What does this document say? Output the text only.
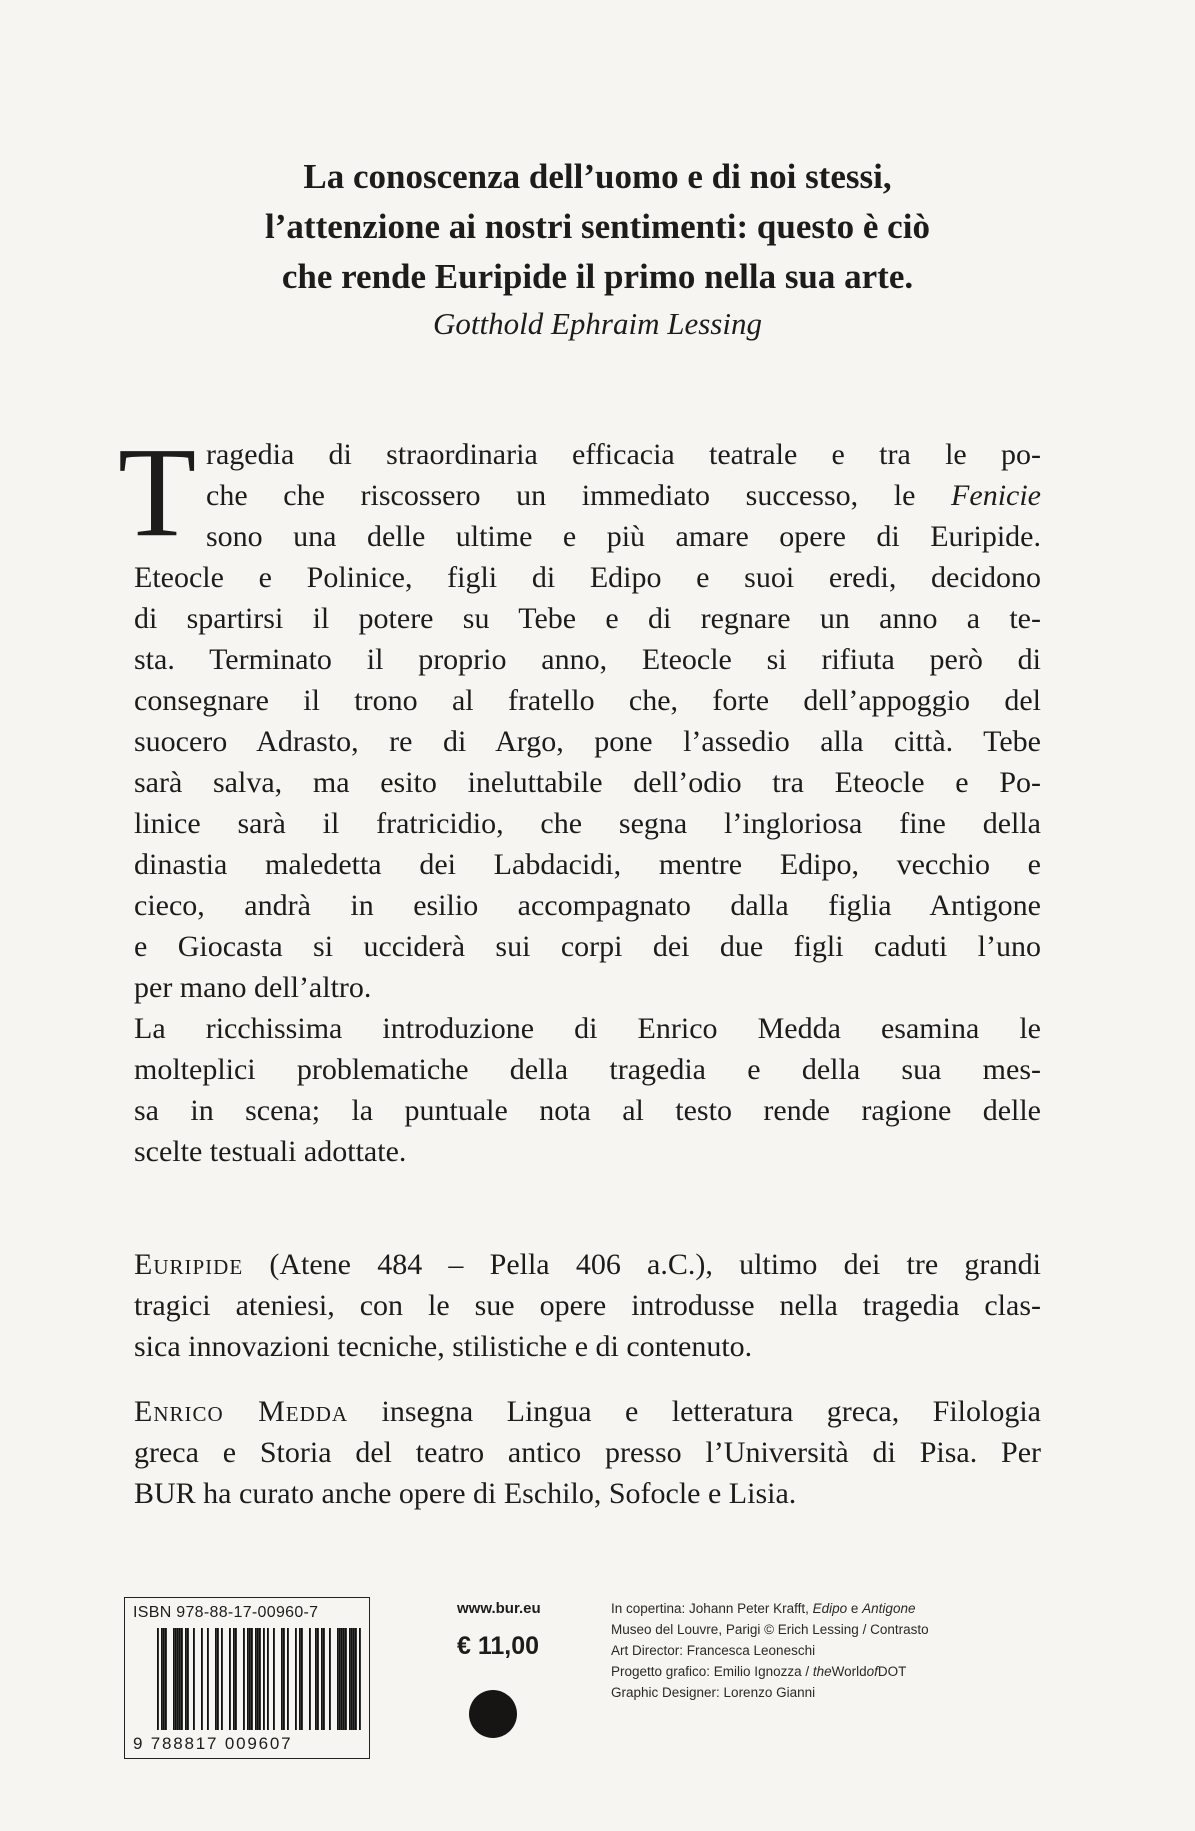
La conoscenza dell’uomo e di noi stessi,
l’attenzione ai nostri sentimenti: questo è ciò
che rende Euripide il primo nella sua arte.
Gotthold Ephraim Lessing
T ragedia di straordinaria efficacia teatrale e tra le po-
che che riscossero un immediato successo, le Fenicie
sono una delle ultime e più amare opere di Euripide.
Eteocle e Polinice, figli di Edipo e suoi eredi, decidono
di spartirsi il potere su Tebe e di regnare un anno a te-
sta. Terminato il proprio anno, Eteocle si rifiuta però di
consegnare il trono al fratello che, forte dell’appoggio del
suocero Adrasto, re di Argo, pone l’assedio alla città. Tebe
sarà salva, ma esito ineluttabile dell’odio tra Eteocle e Po-
linice sarà il fratricidio, che segna l’ingloriosa fine della
dinastia maledetta dei Labdacidi, mentre Edipo, vecchio e
cieco, andrà in esilio accompagnato dalla figlia Antigone
e Giocasta si ucciderà sui corpi dei due figli caduti l’uno
per mano dell’altro.
La ricchissima introduzione di Enrico Medda esamina le
molteplici problematiche della tragedia e della sua mes-
sa in scena; la puntuale nota al testo rende ragione delle
scelte testuali adottate.
Euripide (Atene 484 – Pella 406 a.C.), ultimo dei tre grandi
tragici ateniesi, con le sue opere introdusse nella tragedia clas-
sica innovazioni tecniche, stilistiche e di contenuto.
Enrico Medda insegna Lingua e letteratura greca, Filologia
greca e Storia del teatro antico presso l’Università di Pisa. Per
BUR ha curato anche opere di Eschilo, Sofocle e Lisia.
ISBN 978-88-17-00960-7
9 788817 009607
www.bur.eu
€ 11,00
In copertina: Johann Peter Krafft, Edipo e Antigone
Museo del Louvre, Parigi © Erich Lessing / Contrasto
Art Director: Francesca Leoneschi
Progetto grafico: Emilio Ignozza / theWorldofDOT
Graphic Designer: Lorenzo Gianni
